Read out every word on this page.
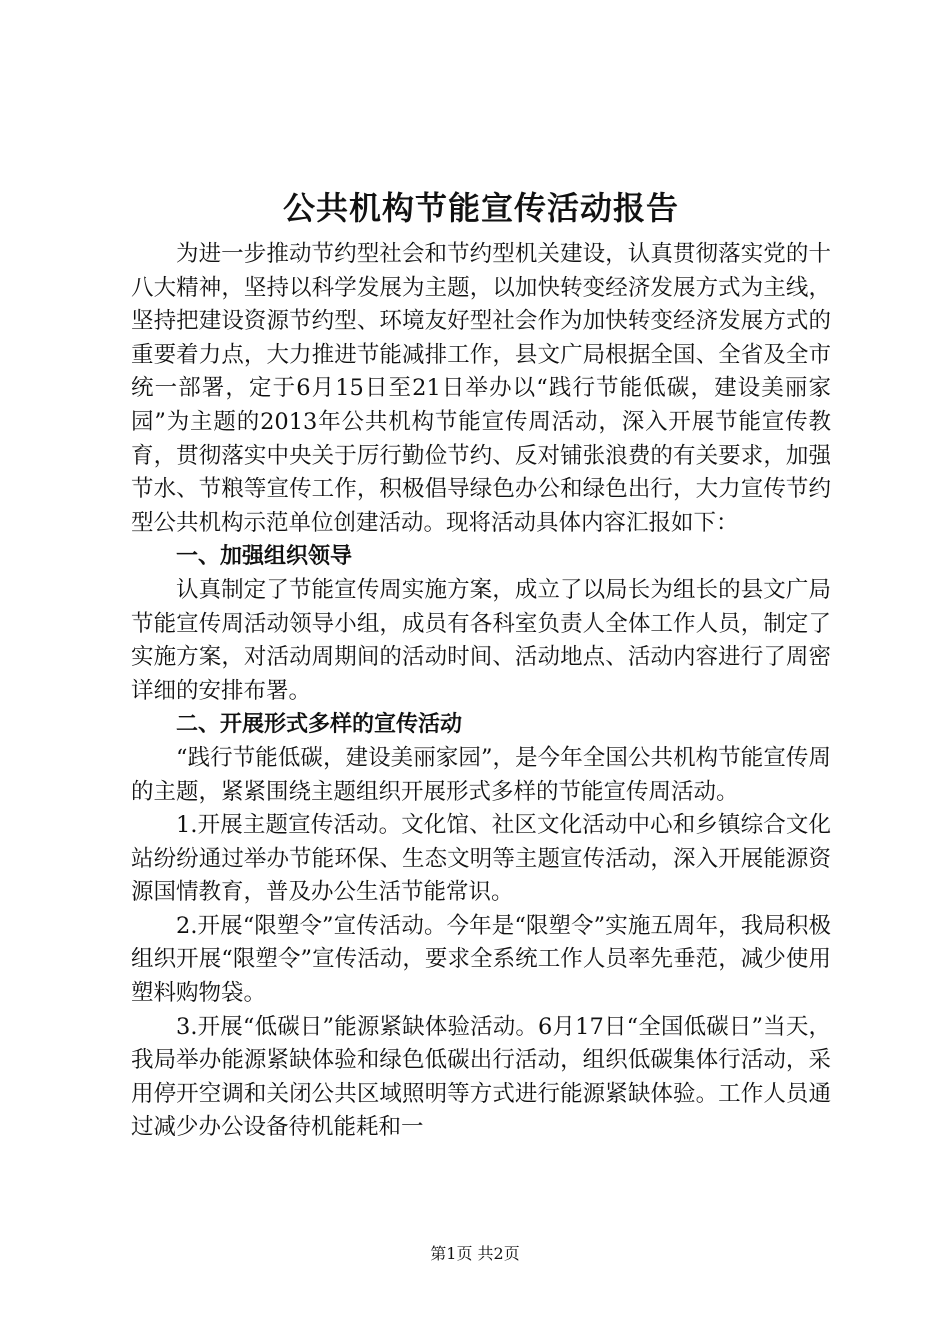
公共机构节能宣传活动报告

为进一步推动节约型社会和节约型机关建设，认真贯彻落实党的十八大精神，坚持以科学发展为主题，以加快转变经济发展方式为主线，坚持把建设资源节约型、环境友好型社会作为加快转变经济发展方式的重要着力点，大力推进节能减排工作，县文广局根据全国、全省及全市统一部署，定于6月15日至21日举办以“践行节能低碳，建设美丽家园”为主题的2013年公共机构节能宣传周活动，深入开展节能宣传教育，贯彻落实中央关于厉行勤俭节约、反对铺张浪费的有关要求，加强节水、节粮等宣传工作，积极倡导绿色办公和绿色出行，大力宣传节约型公共机构示范单位创建活动。现将活动具体内容汇报如下：

一、加强组织领导

认真制定了节能宣传周实施方案，成立了以局长为组长的县文广局节能宣传周活动领导小组，成员有各科室负责人全体工作人员，制定了实施方案，对活动周期间的活动时间、活动地点、活动内容进行了周密详细的安排布署。

二、开展形式多样的宣传活动

“践行节能低碳，建设美丽家园”，是今年全国公共机构节能宣传周的主题，紧紧围绕主题组织开展形式多样的节能宣传周活动。

1.开展主题宣传活动。文化馆、社区文化活动中心和乡镇综合文化站纷纷通过举办节能环保、生态文明等主题宣传活动，深入开展能源资源国情教育，普及办公生活节能常识。

2.开展“限塑令”宣传活动。今年是“限塑令”实施五周年，我局积极组织开展“限塑令”宣传活动，要求全系统工作人员率先垂范，减少使用塑料购物袋。

3.开展“低碳日”能源紧缺体验活动。6月17日“全国低碳日”当天，我局举办能源紧缺体验和绿色低碳出行活动，组织低碳集体行活动，采用停开空调和关闭公共区域照明等方式进行能源紧缺体验。工作人员通过减少办公设备待机能耗和一

第1页 共2页
